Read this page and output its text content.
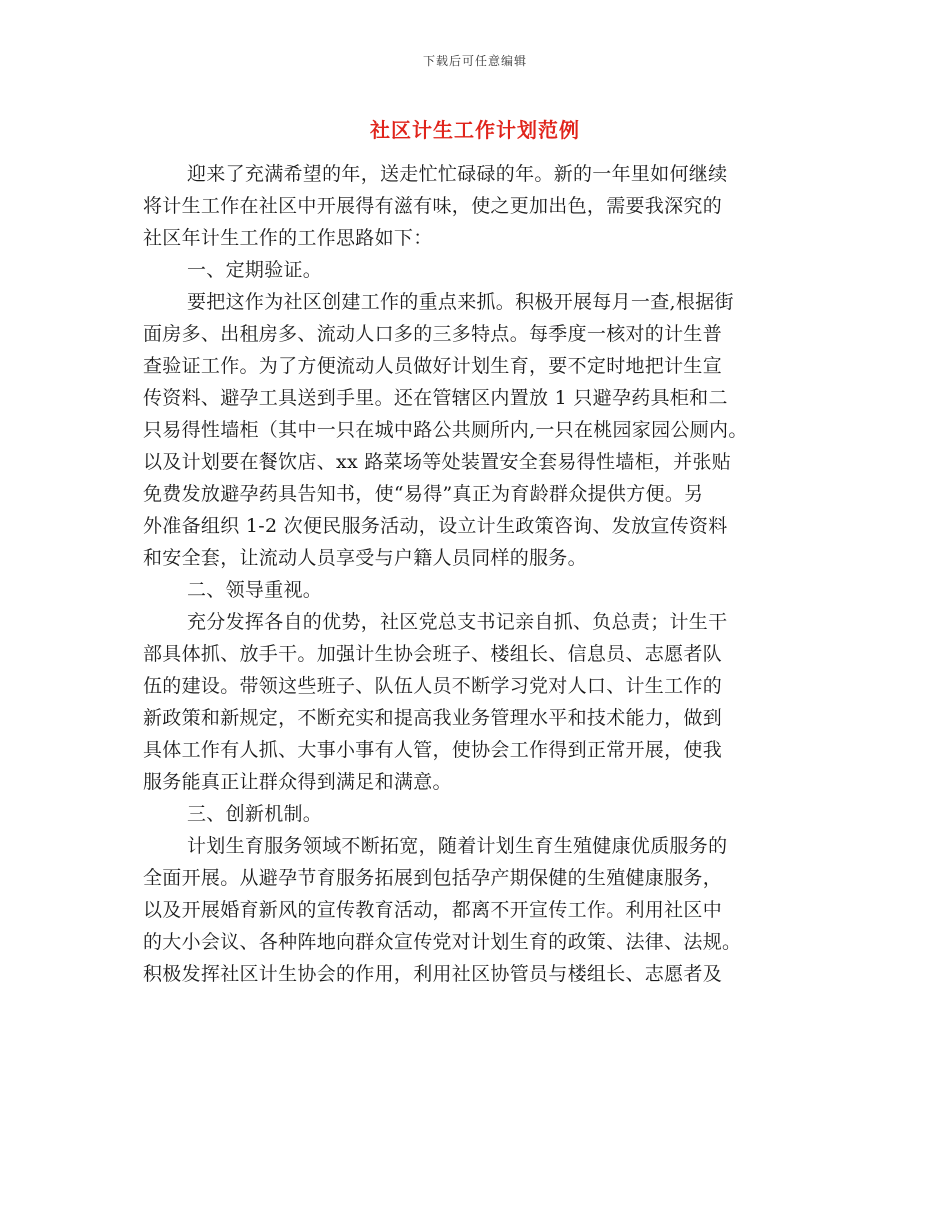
下载后可任意编辑
社区计生工作计划范例
迎来了充满希望的年，送走忙忙碌碌的年。新的一年里如何继续
将计生工作在社区中开展得有滋有味，使之更加出色，需要我深究的
社区年计生工作的工作思路如下：
一、定期验证。
要把这作为社区创建工作的重点来抓。积极开展每月一查,根据街
面房多、出租房多、流动人口多的三多特点。每季度一核对的计生普
查验证工作。为了方便流动人员做好计划生育，要不定时地把计生宣
传资料、避孕工具送到手里。还在管辖区内置放 1 只避孕药具柜和二
只易得性墙柜（其中一只在城中路公共厕所内,一只在桃园家园公厕内。
以及计划要在餐饮店、xx 路菜场等处装置安全套易得性墙柜，并张贴
免费发放避孕药具告知书，使“易得”真正为育龄群众提供方便。另
外准备组织 1-2 次便民服务活动，设立计生政策咨询、发放宣传资料
和安全套，让流动人员享受与户籍人员同样的服务。
二、领导重视。
充分发挥各自的优势，社区党总支书记亲自抓、负总责；计生干
部具体抓、放手干。加强计生协会班子、楼组长、信息员、志愿者队
伍的建设。带领这些班子、队伍人员不断学习党对人口、计生工作的
新政策和新规定，不断充实和提高我业务管理水平和技术能力，做到
具体工作有人抓、大事小事有人管，使协会工作得到正常开展，使我
服务能真正让群众得到满足和满意。
三、创新机制。
计划生育服务领域不断拓宽，随着计划生育生殖健康优质服务的
全面开展。从避孕节育服务拓展到包括孕产期保健的生殖健康服务，
以及开展婚育新风的宣传教育活动，都离不开宣传工作。利用社区中
的大小会议、各种阵地向群众宣传党对计划生育的政策、法律、法规。
积极发挥社区计生协会的作用，利用社区协管员与楼组长、志愿者及
